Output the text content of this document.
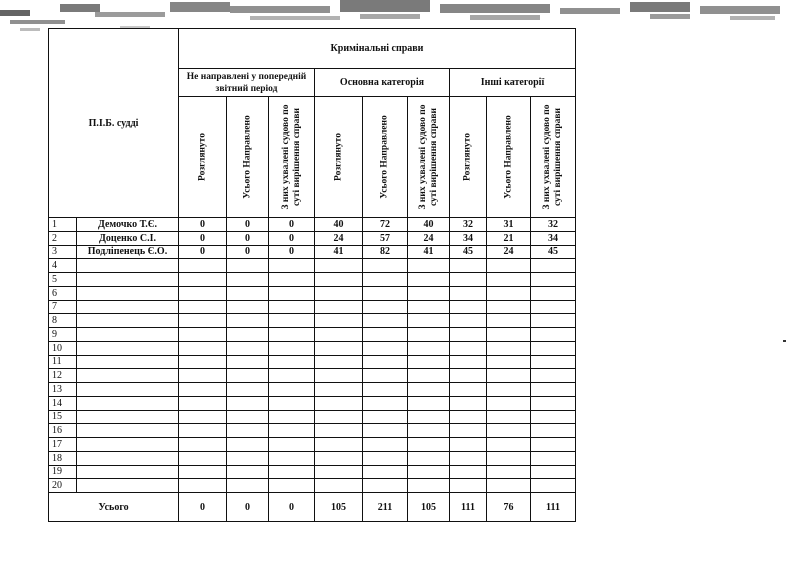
П.І.Б. судді		Кримінальні справи								
		Не направлені у попередній звітний період			Основна категорія			Інші категорії		

		Розглянуто	Усього Направлено	З них ухвалені судово по суті вирішення справи	Розглянуто	Усього Направлено	З них ухвалені судово по суті вирішення справи	Розглянуто	Усього Направлено	З них ухвалені судово по суті вирішення справи

1	Демочко Т.Є.	0	0	0	40	72	40	32	31	32
2	Доценко С.І.	0	0	0	24	57	24	34	21	34
3	Подліпенець Є.О.	0	0	0	41	82	41	45	24	45
4										
5										
6										
7										
8										
9										
10										
11										
12										
13										
14										
15										
16										
17										
18										
19										
20										
Усього		0	0	0	105	211	105	111	76	111
